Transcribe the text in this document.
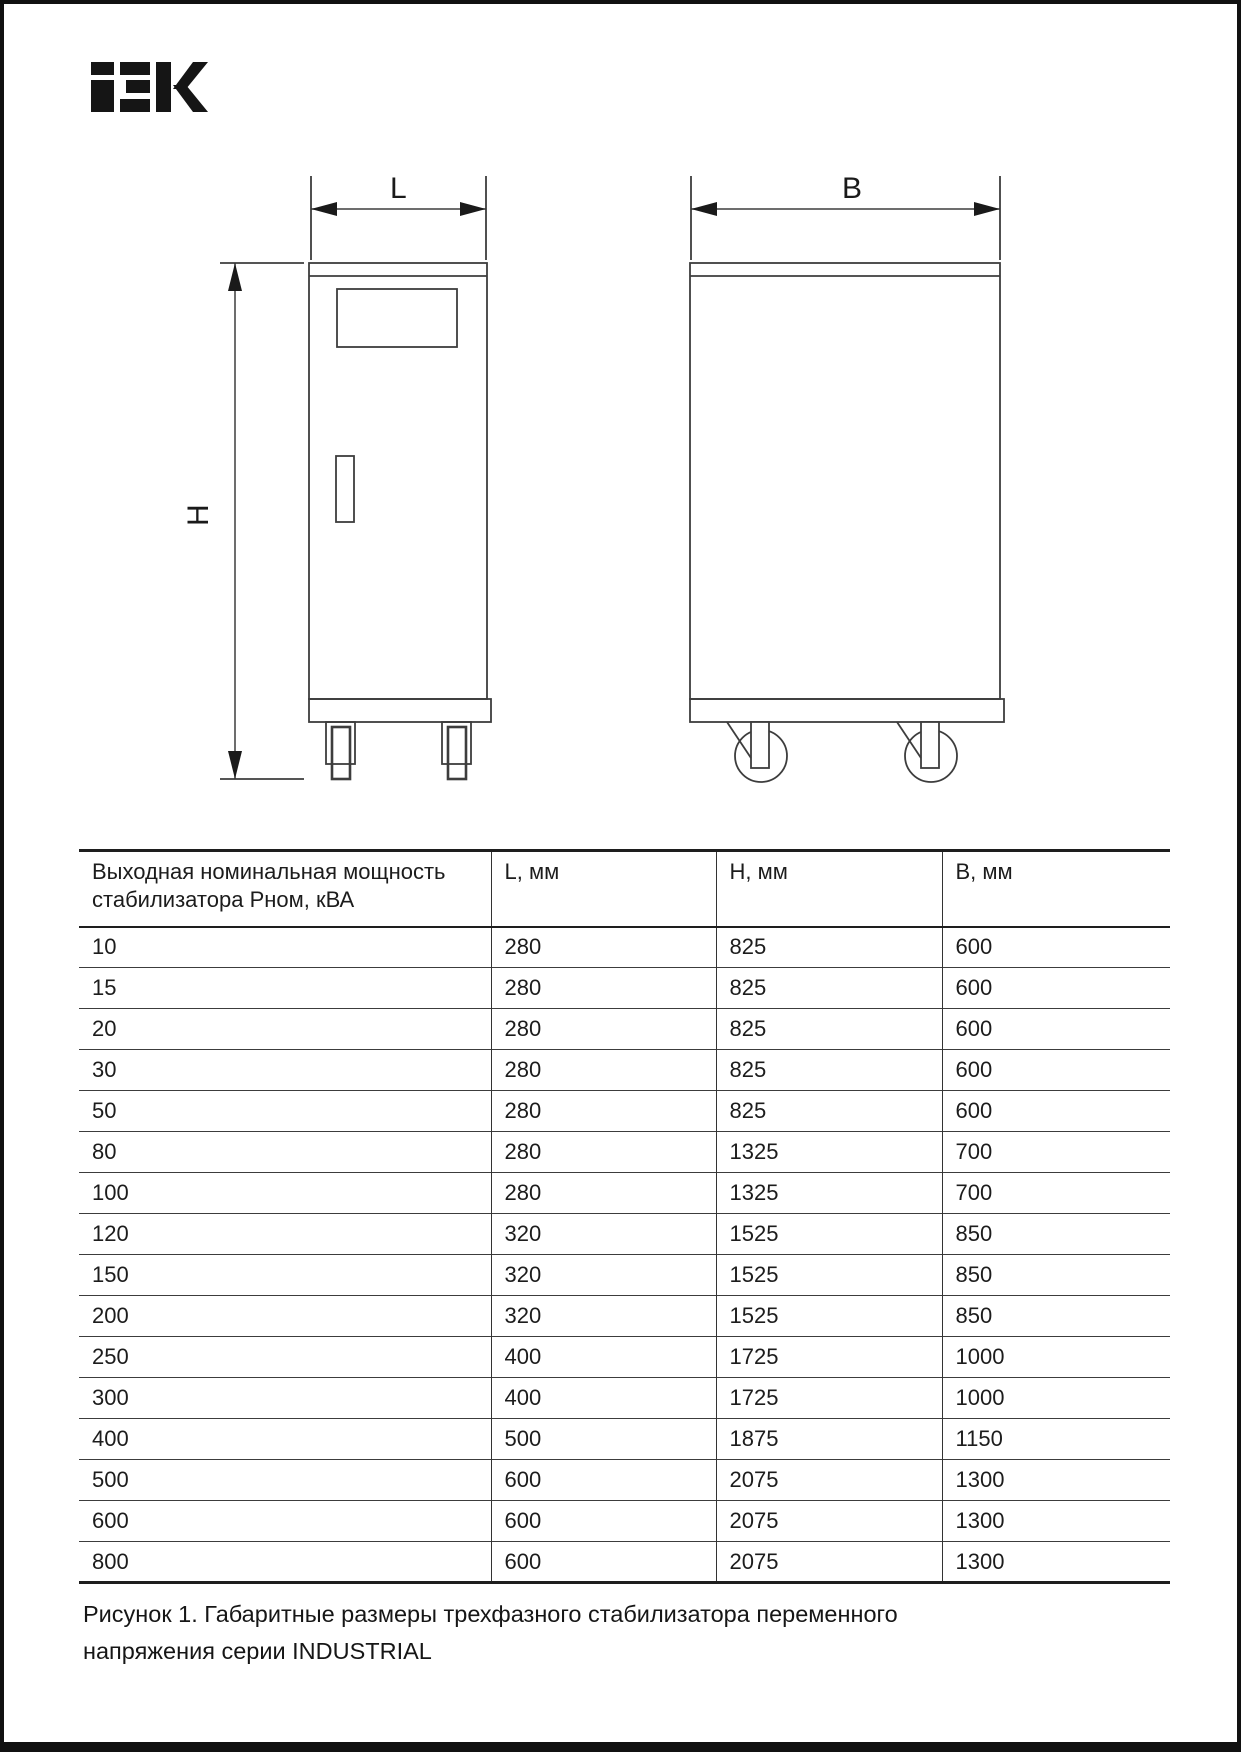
L	B
H
Выходная номинальная мощность стабилизатора Рном, кВА	L, мм	H, мм	B, мм
10	280	825	600
15	280	825	600
20	280	825	600
30	280	825	600
50	280	825	600
80	280	1325	700
100	280	1325	700
120	320	1525	850
150	320	1525	850
200	320	1525	850
250	400	1725	1000
300	400	1725	1000
400	500	1875	1150
500	600	2075	1300
600	600	2075	1300
800	600	2075	1300
Рисунок 1. Габаритные размеры трехфазного стабилизатора переменного
напряжения серии INDUSTRIAL
